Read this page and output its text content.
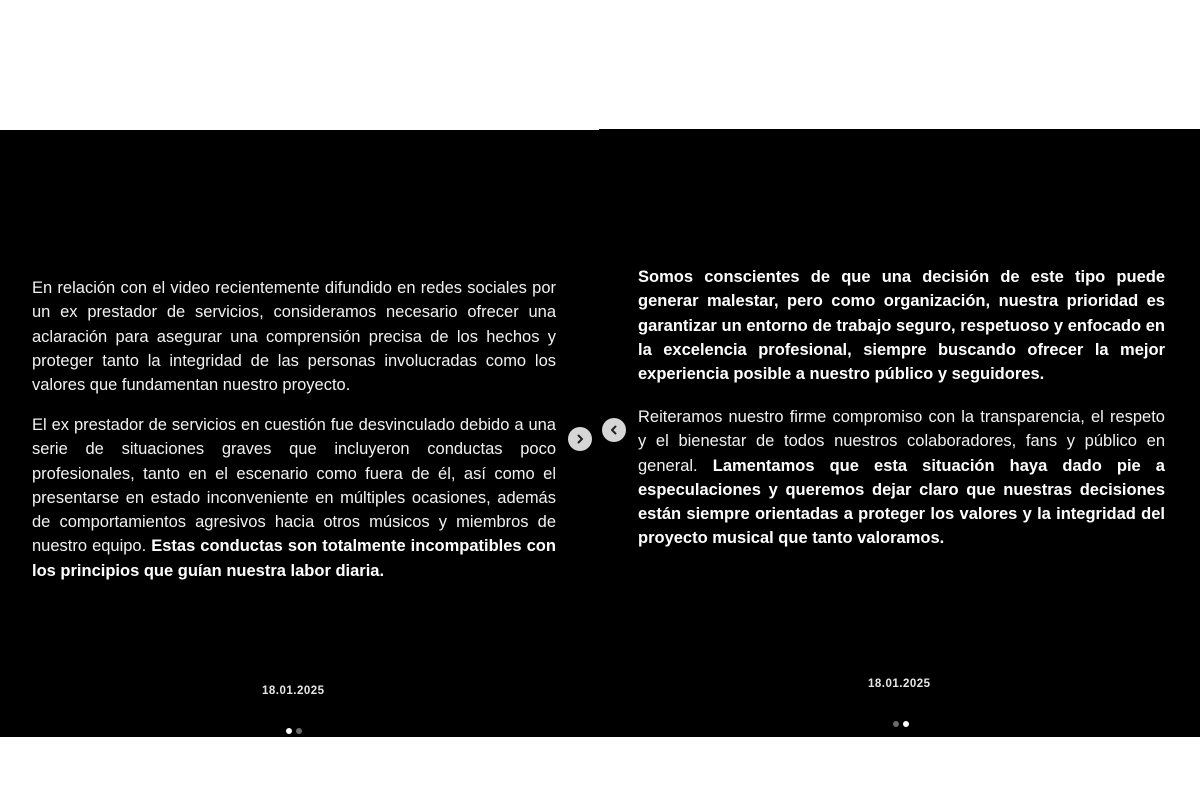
En relación con el video recientemente difundido en redes sociales por un ex prestador de servicios, consideramos necesario ofrecer una aclaración para asegurar una comprensión precisa de los hechos y proteger tanto la integridad de las personas involucradas como los valores que fundamentan nuestro proyecto.

El ex prestador de servicios en cuestión fue desvinculado debido a una serie de situaciones graves que incluyeron conductas poco profesionales, tanto en el escenario como fuera de él, así como el presentarse en estado inconveniente en múltiples ocasiones, además de comportamientos agresivos hacia otros músicos y miembros de nuestro equipo. Estas conductas son totalmente incompatibles con los principios que guían nuestra labor diaria.

18.01.2025

Somos conscientes de que una decisión de este tipo puede generar malestar, pero como organización, nuestra prioridad es garantizar un entorno de trabajo seguro, respetuoso y enfocado en la excelencia profesional, siempre buscando ofrecer la mejor experiencia posible a nuestro público y seguidores.

Reiteramos nuestro firme compromiso con la transparencia, el respeto y el bienestar de todos nuestros colaboradores, fans y público en general. Lamentamos que esta situación haya dado pie a especulaciones y queremos dejar claro que nuestras decisiones están siempre orientadas a proteger los valores y la integridad del proyecto musical que tanto valoramos.

18.01.2025
